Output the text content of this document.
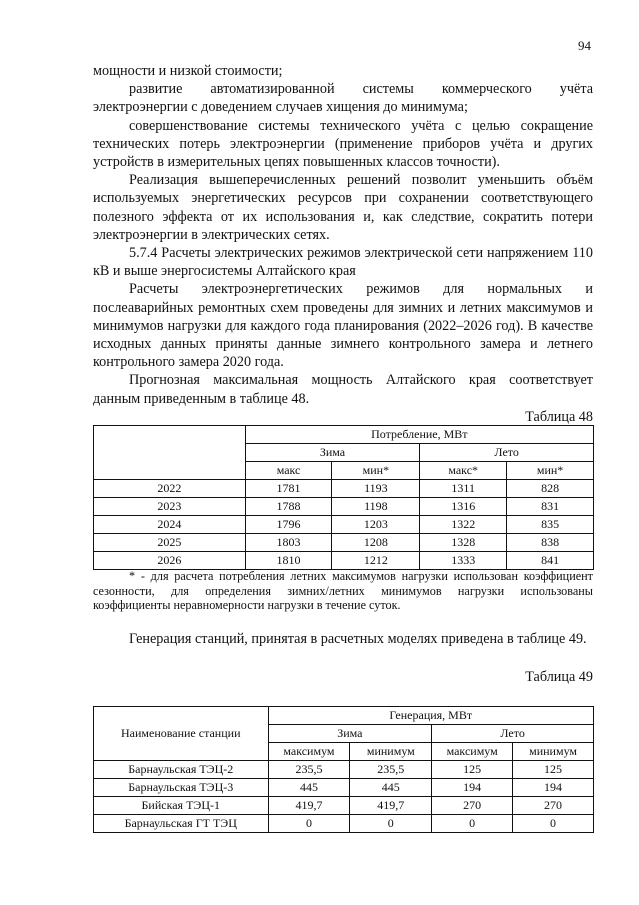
94

мощности и низкой стоимости;

развитие автоматизированной системы коммерческого учёта электроэнергии с доведением случаев хищения до минимума;

совершенствование системы технического учёта с целью сокращение технических потерь электроэнергии (применение приборов учёта и других устройств в измерительных цепях повышенных классов точности).

Реализация вышеперечисленных решений позволит уменьшить объём используемых энергетических ресурсов при сохранении соответствующего полезного эффекта от их использования и, как следствие, сократить потери электроэнергии в электрических сетях.

5.7.4 Расчеты электрических режимов электрической сети напряжением 110 кВ и выше энергосистемы Алтайского края

Расчеты электроэнергетических режимов для нормальных и послеаварийных ремонтных схем проведены для зимних и летних максимумов и минимумов нагрузки для каждого года планирования (2022–2026 год). В качестве исходных данных приняты данные зимнего контрольного замера и летнего контрольного замера 2020 года.

Прогнозная максимальная мощность Алтайского края соответствует данным приведенным в таблице 48.

Таблица 48

	Потребление, МВт			
	Зима		Лето	
	макс	мин*	макс*	мин*
2022	1781	1193	1311	828
2023	1788	1198	1316	831
2024	1796	1203	1322	835
2025	1803	1208	1328	838
2026	1810	1212	1333	841

* - для расчета потребления летних максимумов нагрузки использован коэффициент сезонности, для определения зимних/летних минимумов нагрузки использованы коэффициенты неравномерности нагрузки в течение суток.

Генерация станций, принятая в расчетных моделях приведена в таблице 49.

Таблица 49
Наименование станции	Генерация, МВт			
	Зима		Лето	
	максимум	минимум	максимум	минимум
Барнаульская ТЭЦ-2	235,5	235,5	125	125
Барнаульская ТЭЦ-3	445	445	194	194
Бийская ТЭЦ-1	419,7	419,7	270	270
Барнаульская ГТ ТЭЦ	0	0	0	0
